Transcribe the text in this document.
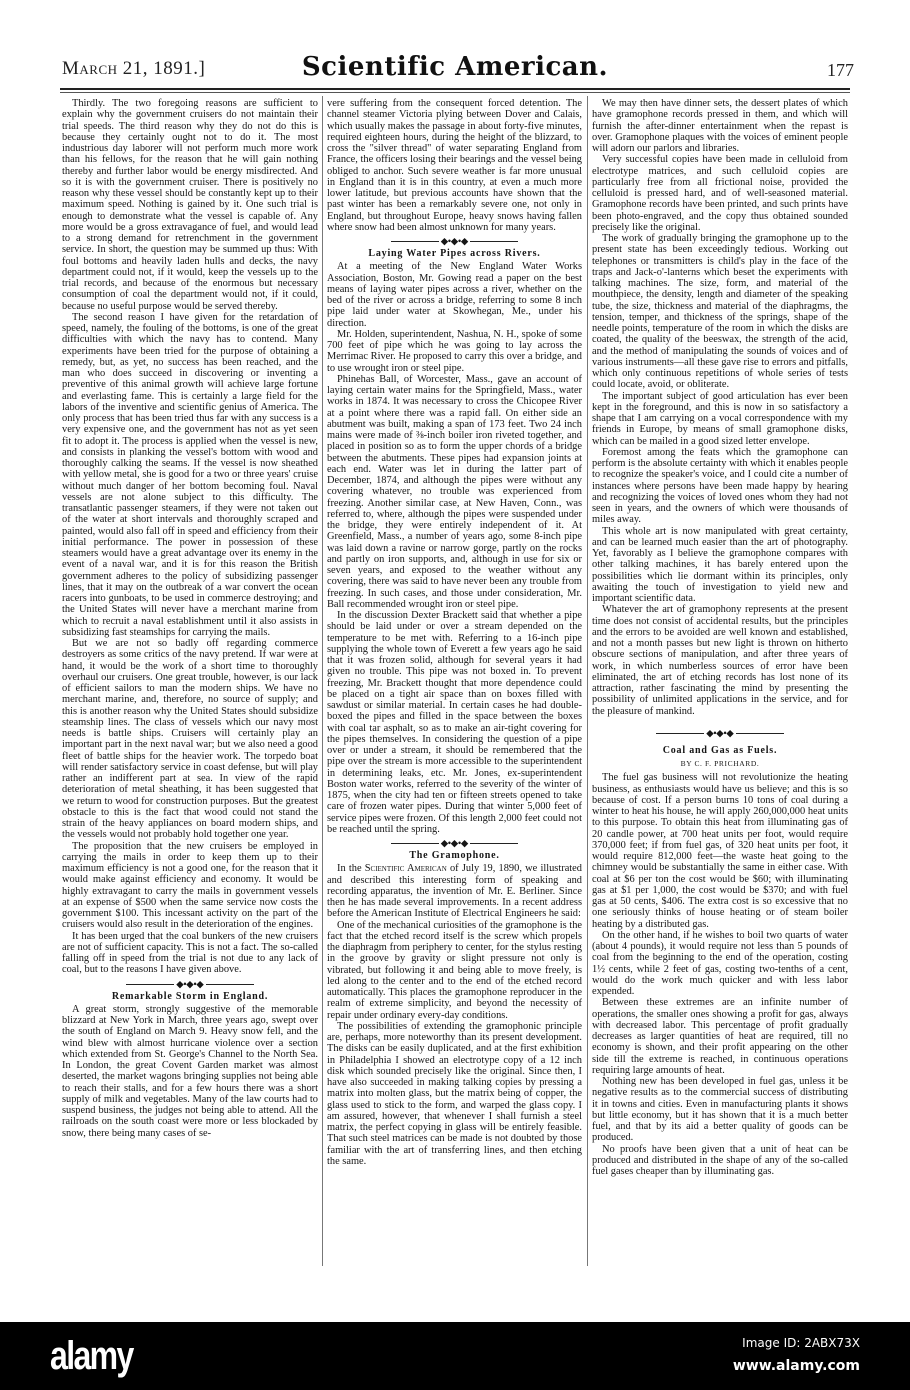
March 21, 1891.]	Scientific American.	177

Thirdly. The two foregoing reasons are sufficient to explain why the government cruisers do not maintain their trial speeds. The third reason why they do not do this is because they certainly ought not to do it. The most industrious day laborer will not perform much more work than his fellows, for the reason that he will gain nothing thereby and further labor would be energy misdirected. And so it is with the government cruiser. There is positively no reason why these vessel should be constantly kept up to their maximum speed. Nothing is gained by it. One such trial is enough to demonstrate what the vessel is capable of. Any more would be a gross extravagance of fuel, and would lead to a strong demand for retrenchment in the government service. In short, the question may be summed up thus: With foul bottoms and heavily laden hulls and decks, the navy department could not, if it would, keep the vessels up to the trial records, and because of the enormous but necessary consumption of coal the department would not, if it could, because no useful purpose would be served thereby.

The second reason I have given for the retardation of speed, namely, the fouling of the bottoms, is one of the great difficulties with which the navy has to contend. Many experiments have been tried for the purpose of obtaining a remedy, but, as yet, no success has been reached, and the man who does succeed in discovering or inventing a preventive of this animal growth will achieve large fortune and everlasting fame. This is certainly a large field for the labors of the inventive and scientific genius of America. The only process that has been tried thus far with any success is a very expensive one, and the government has not as yet seen fit to adopt it. The process is applied when the vessel is new, and consists in planking the vessel's bottom with wood and thoroughly calking the seams. If the vessel is now sheathed with yellow metal, she is good for a two or three years' cruise without much danger of her bottom becoming foul. Naval vessels are not alone subject to this difficulty. The transatlantic passenger steamers, if they were not taken out of the water at short intervals and thoroughly scraped and painted, would also fall off in speed and efficiency from their initial performance. The power in possession of these steamers would have a great advantage over its enemy in the event of a naval war, and it is for this reason the British government adheres to the policy of subsidizing passenger lines, that it may on the outbreak of a war convert the ocean racers into gunboats, to be used in commerce destroying; and the United States will never have a merchant marine from which to recruit a naval establishment until it also assists in subsidizing fast steamships for carrying the mails.

But we are not so badly off regarding commerce destroyers as some critics of the navy pretend. If war were at hand, it would be the work of a short time to thoroughly overhaul our cruisers. One great trouble, however, is our lack of efficient sailors to man the modern ships. We have no merchant marine, and, therefore, no source of supply; and this is another reason why the United States should subsidize steamship lines. The class of vessels which our navy most needs is battle ships. Cruisers will certainly play an important part in the next naval war; but we also need a good fleet of battle ships for the heavier work. The torpedo boat will render satisfactory service in coast defense, but will play rather an indifferent part at sea. In view of the rapid deterioration of metal sheathing, it has been suggested that we return to wood for construction purposes. But the greatest obstacle to this is the fact that wood could not stand the strain of the heavy appliances on board modern ships, and the vessels would not probably hold together one year.

The proposition that the new cruisers be employed in carrying the mails in order to keep them up to their maximum efficiency is not a good one, for the reason that it would make against efficiency and economy. It would be highly extravagant to carry the mails in government vessels at an expense of $500 when the same service now costs the government $100. This incessant activity on the part of the cruisers would also result in the deterioration of the engines.

It has been urged that the coal bunkers of the new cruisers are not of sufficient capacity. This is not a fact. The so-called falling off in speed from the trial is not due to any lack of coal, but to the reasons I have given above.

◆•◆•◆
Remarkable Storm in England.

A great storm, strongly suggestive of the memorable blizzard at New York in March, three years ago, swept over the south of England on March 9. Heavy snow fell, and the wind blew with almost hurricane violence over a section which extended from St. George's Channel to the North Sea. In London, the great Covent Garden market was almost deserted, the market wagons bringing supplies not being able to reach their stalls, and for a few hours there was a short supply of milk and vegetables. Many of the law courts had to suspend business, the judges not being able to attend. All the railroads on the south coast were more or less blockaded by snow, there being many cases of se-

vere suffering from the consequent forced detention. The channel steamer Victoria plying between Dover and Calais, which usually makes the passage in about forty-five minutes, required eighteen hours, during the height of the blizzard, to cross the "silver thread" of water separating England from France, the officers losing their bearings and the vessel being obliged to anchor. Such severe weather is far more unusual in England than it is in this country, at even a much more lower latitude, but previous accounts have shown that the past winter has been a remarkably severe one, not only in England, but throughout Europe, heavy snows having fallen where snow had been almost unknown for many years.

◆•◆•◆
Laying Water Pipes across Rivers.

At a meeting of the New England Water Works Association, Boston, Mr. Gowing read a paper on the best means of laying water pipes across a river, whether on the bed of the river or across a bridge, referring to some 8 inch pipe laid under water at Skowhegan, Me., under his direction.

Mr. Holden, superintendent, Nashua, N. H., spoke of some 700 feet of pipe which he was going to lay across the Merrimac River. He proposed to carry this over a bridge, and to use wrought iron or steel pipe.

Phinehas Ball, of Worcester, Mass., gave an account of laying certain water mains for the Springfield, Mass., water works in 1874. It was necessary to cross the Chicopee River at a point where there was a rapid fall. On either side an abutment was built, making a span of 173 feet. Two 24 inch mains were made of ⅜-inch boiler iron riveted together, and placed in position so as to form the upper chords of a bridge between the abutments. These pipes had expansion joints at each end. Water was let in during the latter part of December, 1874, and although the pipes were without any covering whatever, no trouble was experienced from freezing. Another similar case, at New Haven, Conn., was referred to, where, although the pipes were suspended under the bridge, they were entirely independent of it. At Greenfield, Mass., a number of years ago, some 8-inch pipe was laid down a ravine or narrow gorge, partly on the rocks and partly on iron supports, and, although in use for six or seven years, and exposed to the weather without any covering, there was said to have never been any trouble from freezing. In such cases, and those under consideration, Mr. Ball recommended wrought iron or steel pipe.

In the discussion Dexter Brackett said that whether a pipe should be laid under or over a stream depended on the temperature to be met with. Referring to a 16-inch pipe supplying the whole town of Everett a few years ago he said that it was frozen solid, although for several years it had given no trouble. This pipe was not boxed in. To prevent freezing, Mr. Brackett thought that more dependence could be placed on a tight air space than on boxes filled with sawdust or similar material. In certain cases he had double-boxed the pipes and filled in the space between the boxes with coal tar asphalt, so as to make an air-tight covering for the pipes themselves. In considering the question of a pipe over or under a stream, it should be remembered that the pipe over the stream is more accessible to the superintendent in determining leaks, etc. Mr. Jones, ex-superintendent Boston water works, referred to the severity of the winter of 1875, when the city had ten or fifteen streets opened to take care of frozen water pipes. During that winter 5,000 feet of service pipes were frozen. Of this length 2,000 feet could not be reached until the spring.

◆•◆•◆
The Gramophone.

In the Scientific American of July 19, 1890, we illustrated and described this interesting form of speaking and recording apparatus, the invention of Mr. E. Berliner. Since then he has made several improvements. In a recent address before the American Institute of Electrical Engineers he said:

One of the mechanical curiosities of the gramophone is the fact that the etched record itself is the screw which propels the diaphragm from periphery to center, for the stylus resting in the groove by gravity or slight pressure not only is vibrated, but following it and being able to move freely, is led along to the center and to the end of the etched record automatically. This places the gramophone reproducer in the realm of extreme simplicity, and beyond the necessity of repair under ordinary every-day conditions.

The possibilities of extending the gramophonic principle are, perhaps, more noteworthy than its present development. The disks can be easily duplicated, and at the first exhibition in Philadelphia I showed an electrotype copy of a 12 inch disk which sounded precisely like the original. Since then, I have also succeeded in making talking copies by pressing a matrix into molten glass, but the matrix being of copper, the glass used to stick to the form, and warped the glass copy. I am assured, however, that whenever I shall furnish a steel matrix, the perfect copying in glass will be entirely feasible. That such steel matrices can be made is not doubted by those familiar with the art of transferring lines, and then etching the same.

We may then have dinner sets, the dessert plates of which have gramophone records pressed in them, and which will furnish the after-dinner entertainment when the repast is over. Gramophone plaques with the voices of eminent people will adorn our parlors and libraries.

Very successful copies have been made in celluloid from electrotype matrices, and such celluloid copies are particularly free from all frictional noise, provided the celluloid is pressed hard, and of well-seasoned material. Gramophone records have been printed, and such prints have been photo-engraved, and the copy thus obtained sounded precisely like the original.

The work of gradually bringing the gramophone up to the present state has been exceedingly tedious. Working out telephones or transmitters is child's play in the face of the traps and Jack-o'-lanterns which beset the experiments with talking machines. The size, form, and material of the mouthpiece, the density, length and diameter of the speaking tube, the size, thickness and material of the diaphragms, the tension, temper, and thickness of the springs, shape of the needle points, temperature of the room in which the disks are coated, the quality of the beeswax, the strength of the acid, and the method of manipulating the sounds of voices and of various instruments—all these gave rise to errors and pitfalls, which only continuous repetitions of whole series of tests could locate, avoid, or obliterate.

The important subject of good articulation has ever been kept in the foreground, and this is now in so satisfactory a shape that I am carrying on a vocal correspondence with my friends in Europe, by means of small gramophone disks, which can be mailed in a good sized letter envelope.

Foremost among the feats which the gramophone can perform is the absolute certainty with which it enables people to recognize the speaker's voice, and I could cite a number of instances where persons have been made happy by hearing and recognizing the voices of loved ones whom they had not seen in years, and the owners of which were thousands of miles away.

This whole art is now manipulated with great certainty, and can be learned much easier than the art of photography. Yet, favorably as I believe the gramophone compares with other talking machines, it has barely entered upon the possibilities which lie dormant within its principles, only awaiting the touch of investigation to yield new and important scientific data.

Whatever the art of gramophony represents at the present time does not consist of accidental results, but the principles and the errors to be avoided are well known and established, and not a month passes but new light is thrown on hitherto obscure sections of manipulation, and after three years of work, in which numberless sources of error have been eliminated, the art of etching records has lost none of its attraction, rather fascinating the mind by presenting the possibility of unlimited applications in the service, and for the pleasure of mankind.

◆•◆•◆
Coal and Gas as Fuels.
BY C. F. PRICHARD.

The fuel gas business will not revolutionize the heating business, as enthusiasts would have us believe; and this is so because of cost. If a person burns 10 tons of coal during a winter to heat his house, he will apply 260,000,000 heat units to this purpose. To obtain this heat from illuminating gas of 20 candle power, at 700 heat units per foot, would require 370,000 feet; if from fuel gas, of 320 heat units per foot, it would require 812,000 feet—the waste heat going to the chimney would be substantially the same in either case. With coal at $6 per ton the cost would be $60; with illuminating gas at $1 per 1,000, the cost would be $370; and with fuel gas at 50 cents, $406. The extra cost is so excessive that no one seriously thinks of house heating or of steam boiler heating by a distributed gas.

On the other hand, if he wishes to boil two quarts of water (about 4 pounds), it would require not less than 5 pounds of coal from the beginning to the end of the operation, costing 1½ cents, while 2 feet of gas, costing two-tenths of a cent, would do the work much quicker and with less labor expended.

Between these extremes are an infinite number of operations, the smaller ones showing a profit for gas, always with decreased labor. This percentage of profit gradually decreases as larger quantities of heat are required, till no economy is shown, and their profit appearing on the other side till the extreme is reached, in continuous operations requiring large amounts of heat.

Nothing new has been developed in fuel gas, unless it be negative results as to the commercial success of distributing it in towns and cities. Even in manufacturing plants it shows but little economy, but it has shown that it is a much better fuel, and that by its aid a better quality of goods can be produced.

No proofs have been given that a unit of heat can be produced and distributed in the shape of any of the so-called fuel gases cheaper than by illuminating gas.

alamy	Image ID: 2ABX73X
www.alamy.com
